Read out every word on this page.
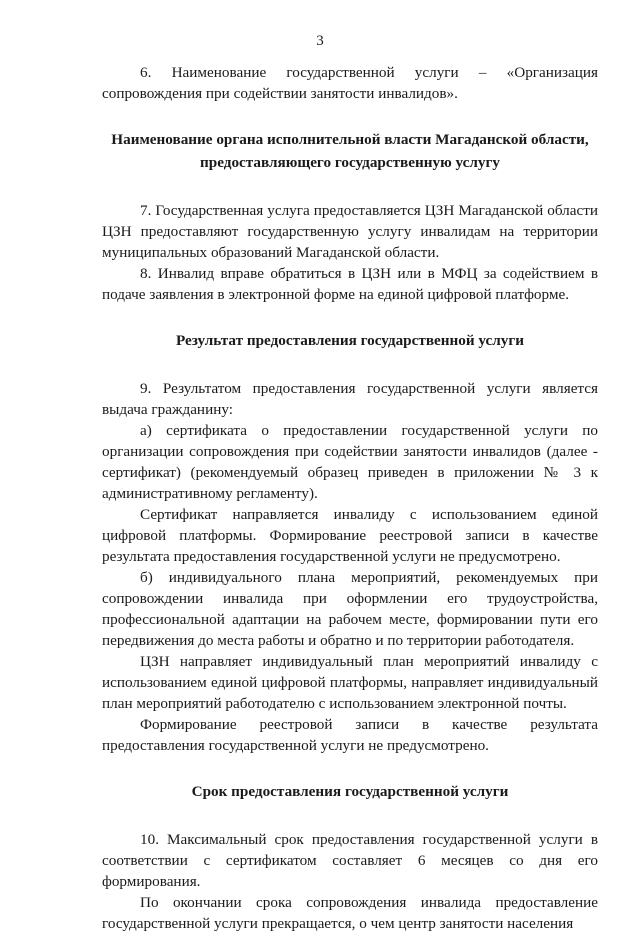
3

6. Наименование государственной услуги – «Организация сопровождения при содействии занятости инвалидов».

Наименование органа исполнительной власти Магаданской области, предоставляющего государственную услугу

7. Государственная услуга предоставляется ЦЗН Магаданской области ЦЗН предоставляют государственную услугу инвалидам на территории муниципальных образований Магаданской области.

8. Инвалид вправе обратиться в ЦЗН или в МФЦ за содействием в подаче заявления в электронной форме на единой цифровой платформе.

Результат предоставления государственной услуги

9. Результатом предоставления государственной услуги является выдача гражданину:

а) сертификата о предоставлении государственной услуги по организации сопровождения при содействии занятости инвалидов (далее - сертификат) (рекомендуемый образец приведен в приложении № 3 к административному регламенту).

Сертификат направляется инвалиду с использованием единой цифровой платформы. Формирование реестровой записи в качестве результата предоставления государственной услуги не предусмотрено.

б) индивидуального плана мероприятий, рекомендуемых при сопровождении инвалида при оформлении его трудоустройства, профессиональной адаптации на рабочем месте, формировании пути его передвижения до места работы и обратно и по территории работодателя.

ЦЗН направляет индивидуальный план мероприятий инвалиду с использованием единой цифровой платформы, направляет индивидуальный план мероприятий работодателю с использованием электронной почты.

Формирование реестровой записи в качестве результата предоставления государственной услуги не предусмотрено.

Срок предоставления государственной услуги

10. Максимальный срок предоставления государственной услуги в соответствии с сертификатом составляет 6 месяцев со дня его формирования.

По окончании срока сопровождения инвалида предоставление государственной услуги прекращается, о чем центр занятости населения
